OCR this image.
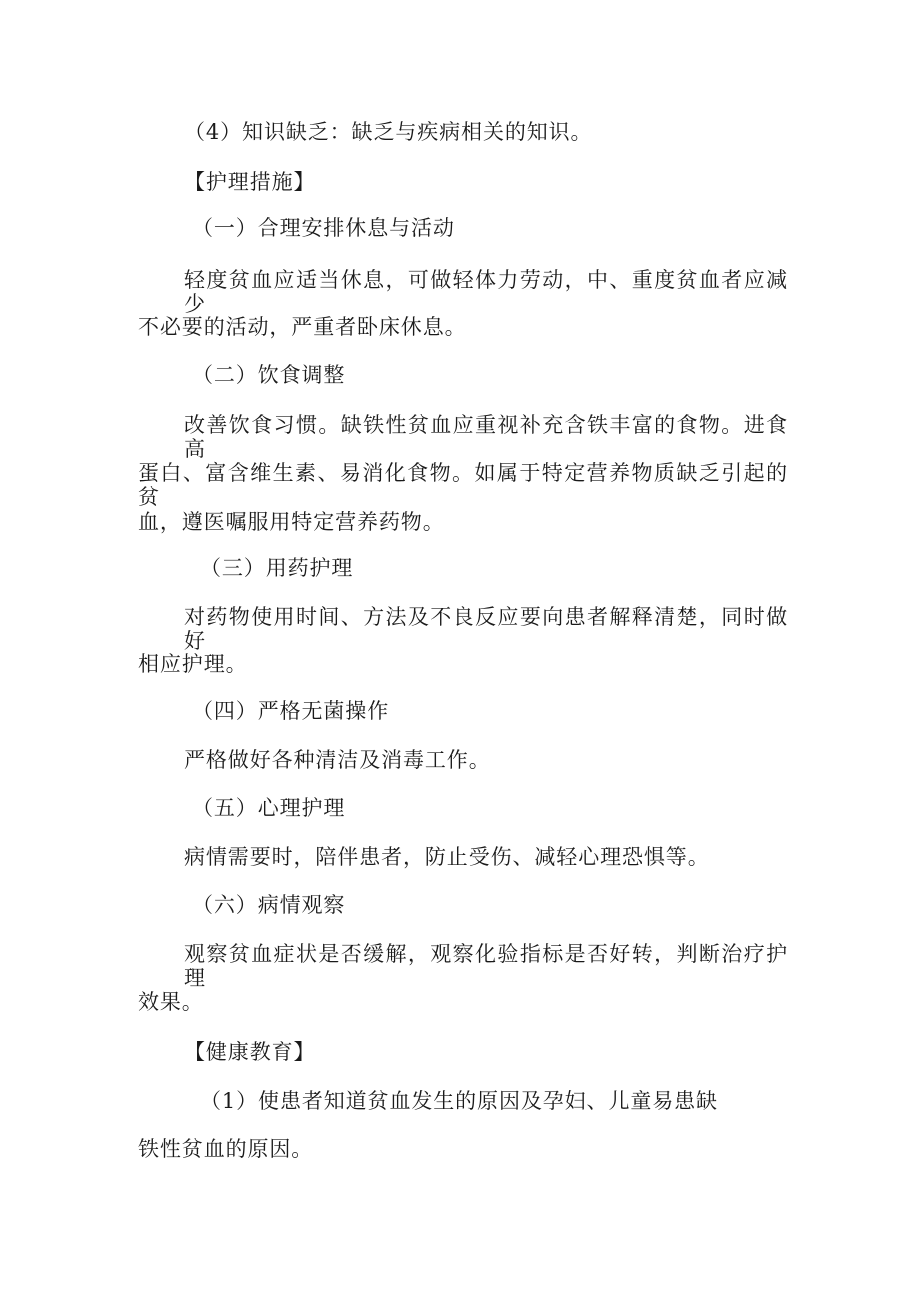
（4）知识缺乏：缺乏与疾病相关的知识。

【护理措施】

（一）合理安排休息与活动

轻度贫血应适当休息，可做轻体力劳动，中、重度贫血者应减少

不必要的活动，严重者卧床休息。

（二）饮食调整

改善饮食习惯。缺铁性贫血应重视补充含铁丰富的食物。进食高

蛋白、富含维生素、易消化食物。如属于特定营养物质缺乏引起的贫

血，遵医嘱服用特定营养药物。

（三）用药护理

对药物使用时间、方法及不良反应要向患者解释清楚，同时做好

相应护理。

（四）严格无菌操作

严格做好各种清洁及消毒工作。

（五）心理护理

病情需要时，陪伴患者，防止受伤、减轻心理恐惧等。

（六）病情观察

观察贫血症状是否缓解，观察化验指标是否好转，判断治疗护理

效果。

【健康教育】

（1）使患者知道贫血发生的原因及孕妇、儿童易患缺

铁性贫血的原因。
